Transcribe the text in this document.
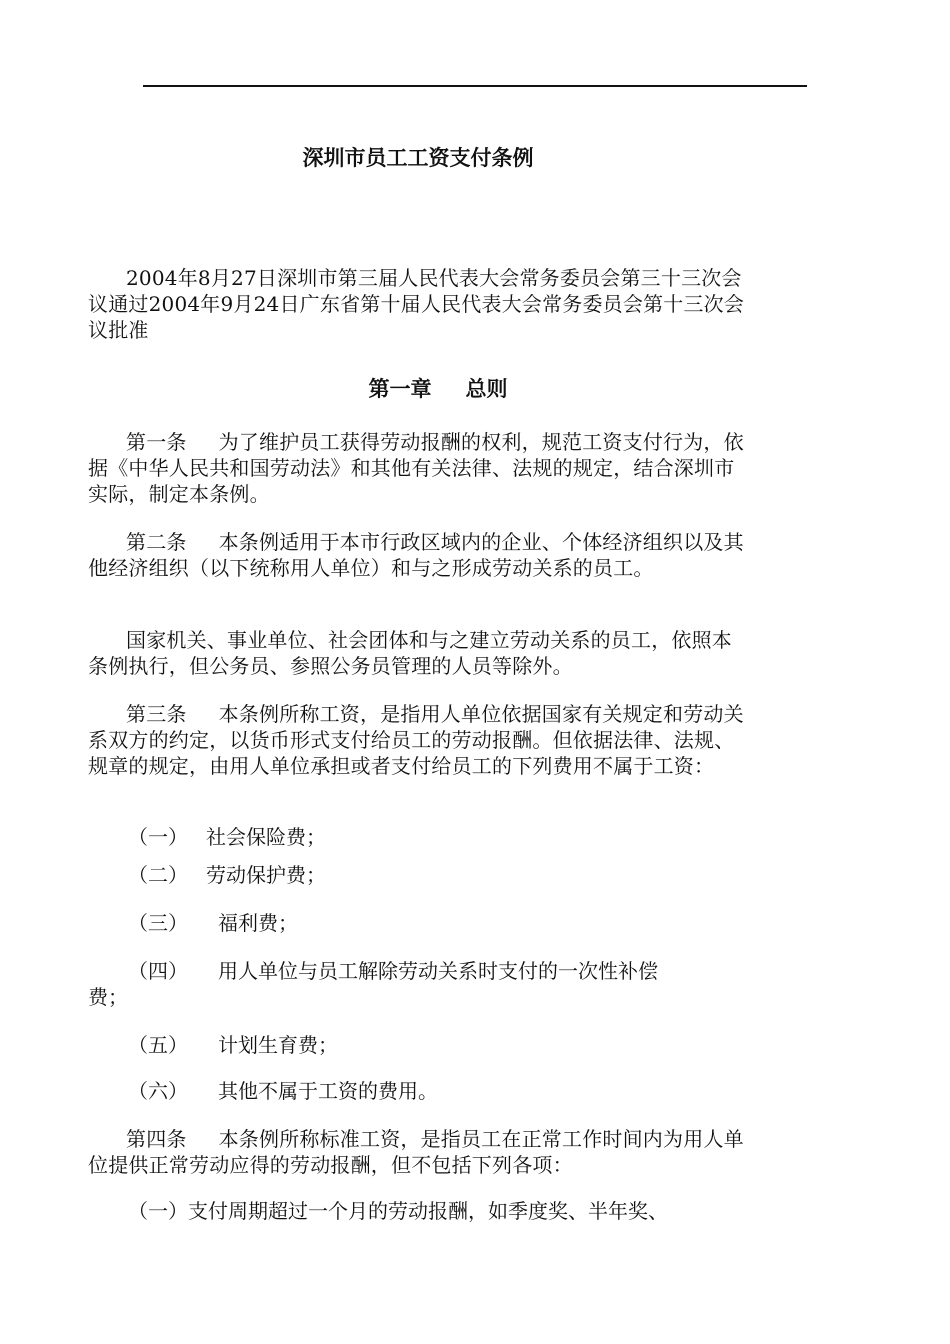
深圳市员工工资支付条例

2004年8月27日深圳市第三届人民代表大会常务委员会第三十三次会议通过2004年9月24日广东省第十届人民代表大会常务委员会第十三次会议批准

第一章 总则

第一条 为了维护员工获得劳动报酬的权利，规范工资支付行为，依据《中华人民共和国劳动法》和其他有关法律、法规的规定，结合深圳市实际，制定本条例。

第二条 本条例适用于本市行政区域内的企业、个体经济组织以及其他经济组织（以下统称用人单位）和与之形成劳动关系的员工。

国家机关、事业单位、社会团体和与之建立劳动关系的员工，依照本条例执行，但公务员、参照公务员管理的人员等除外。

第三条 本条例所称工资，是指用人单位依据国家有关规定和劳动关系双方的约定，以货币形式支付给员工的劳动报酬。但依据法律、法规、规章的规定，由用人单位承担或者支付给员工的下列费用不属于工资：

（一） 社会保险费；

（二） 劳动保护费；

（三） 福利费；

（四） 用人单位与员工解除劳动关系时支付的一次性补偿

费；

（五） 计划生育费；

（六） 其他不属于工资的费用。

第四条 本条例所称标准工资，是指员工在正常工作时间内为用人单位提供正常劳动应得的劳动报酬，但不包括下列各项：

（一）支付周期超过一个月的劳动报酬，如季度奖、半年奖、
